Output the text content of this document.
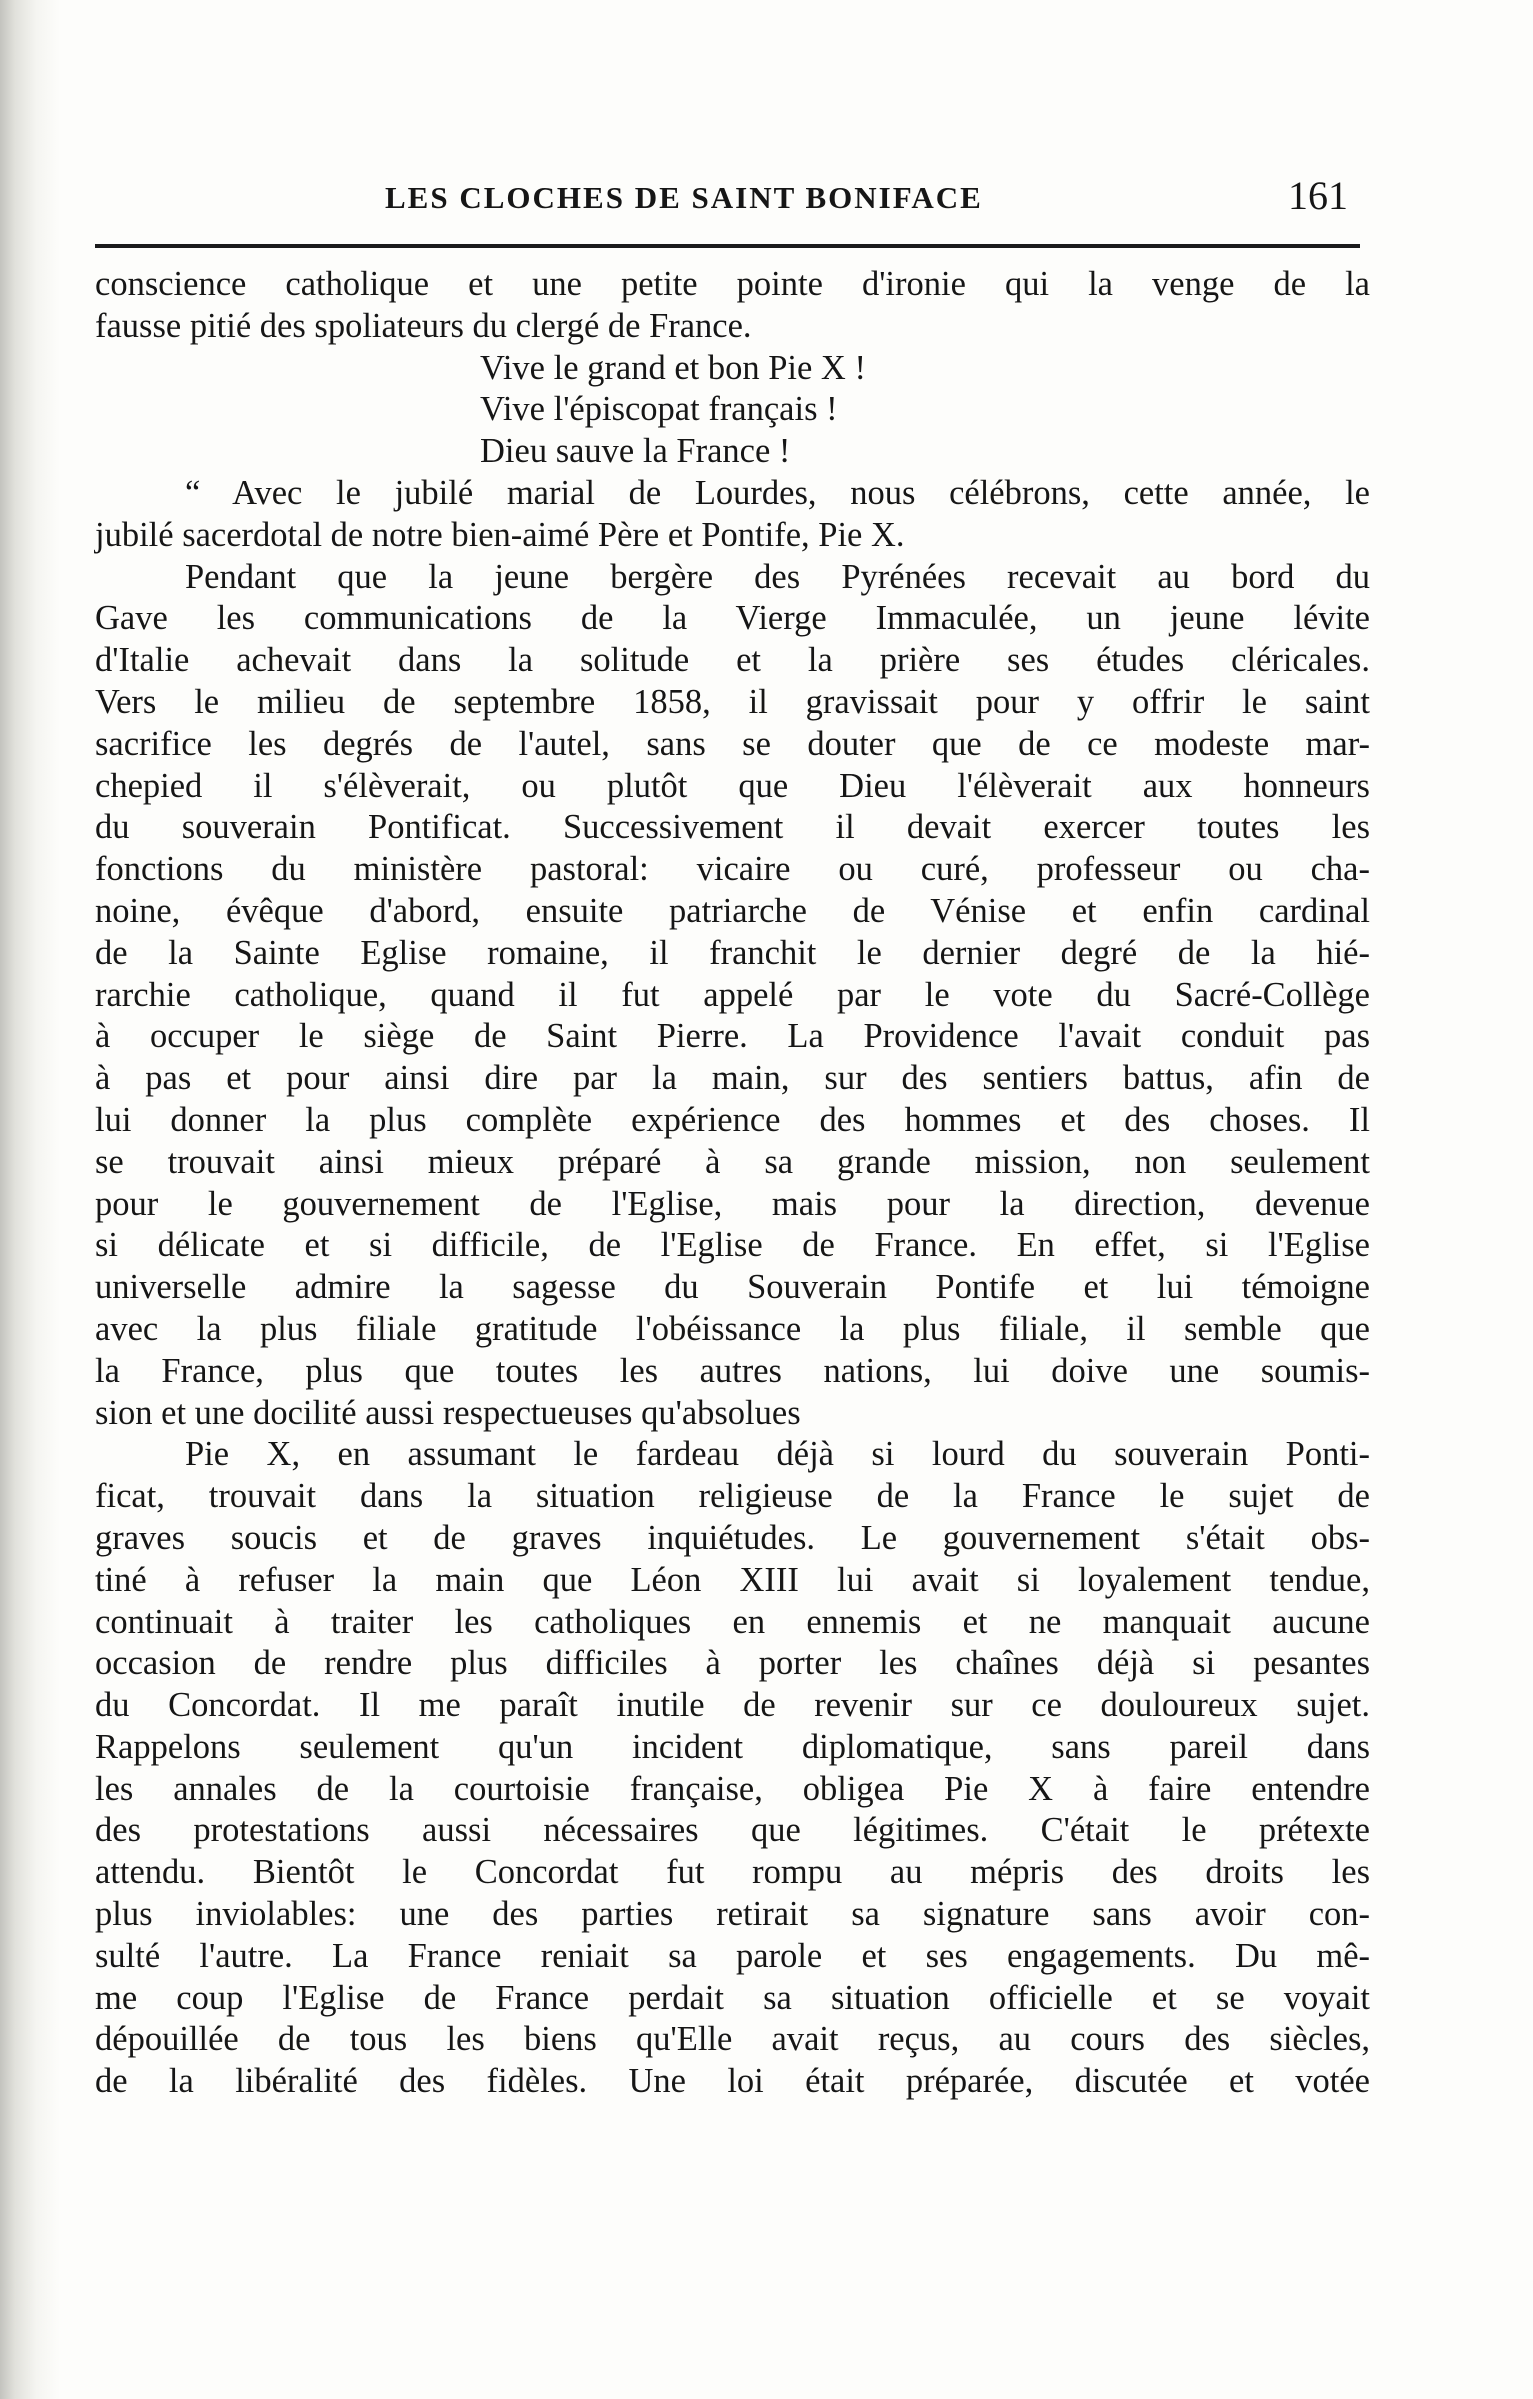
LES CLOCHES DE SAINT BONIFACE	161
conscience catholique et une petite pointe d'ironie qui la venge de la
fausse pitié des spoliateurs du clergé de France.
Vive le grand et bon Pie X !
Vive l'épiscopat français !
Dieu sauve la France !
“ Avec le jubilé marial de Lourdes, nous célébrons, cette année, le
jubilé sacerdotal de notre bien-aimé Père et Pontife, Pie X.
Pendant que la jeune bergère des Pyrénées recevait au bord du
Gave les communications de la Vierge Immaculée, un jeune lévite
d'Italie achevait dans la solitude et la prière ses études cléricales.
Vers le milieu de septembre 1858, il gravissait pour y offrir le saint
sacrifice les degrés de l'autel, sans se douter que de ce modeste mar-
chepied il s'élèverait, ou plutôt que Dieu l'élèverait aux honneurs
du souverain Pontificat. Successivement il devait exercer toutes les
fonctions du ministère pastoral: vicaire ou curé, professeur ou cha-
noine, évêque d'abord, ensuite patriarche de Vénise et enfin cardinal
de la Sainte Eglise romaine, il franchit le dernier degré de la hié-
rarchie catholique, quand il fut appelé par le vote du Sacré-Collège
à occuper le siège de Saint Pierre. La Providence l'avait conduit pas
à pas et pour ainsi dire par la main, sur des sentiers battus, afin de
lui donner la plus complète expérience des hommes et des choses. Il
se trouvait ainsi mieux préparé à sa grande mission, non seulement
pour le gouvernement de l'Eglise, mais pour la direction, devenue
si délicate et si difficile, de l'Eglise de France. En effet, si l'Eglise
universelle admire la sagesse du Souverain Pontife et lui témoigne
avec la plus filiale gratitude l'obéissance la plus filiale, il semble que
la France, plus que toutes les autres nations, lui doive une soumis-
sion et une docilité aussi respectueuses qu'absolues
Pie X, en assumant le fardeau déjà si lourd du souverain Ponti-
ficat, trouvait dans la situation religieuse de la France le sujet de
graves soucis et de graves inquiétudes. Le gouvernement s'était obs-
tiné à refuser la main que Léon XIII lui avait si loyalement tendue,
continuait à traiter les catholiques en ennemis et ne manquait aucune
occasion de rendre plus difficiles à porter les chaînes déjà si pesantes
du Concordat. Il me paraît inutile de revenir sur ce douloureux sujet.
Rappelons seulement qu'un incident diplomatique, sans pareil dans
les annales de la courtoisie française, obligea Pie X à faire entendre
des protestations aussi nécessaires que légitimes. C'était le prétexte
attendu. Bientôt le Concordat fut rompu au mépris des droits les
plus inviolables: une des parties retirait sa signature sans avoir con-
sulté l'autre. La France reniait sa parole et ses engagements. Du mê-
me coup l'Eglise de France perdait sa situation officielle et se voyait
dépouillée de tous les biens qu'Elle avait reçus, au cours des siècles,
de la libéralité des fidèles. Une loi était préparée, discutée et votée
